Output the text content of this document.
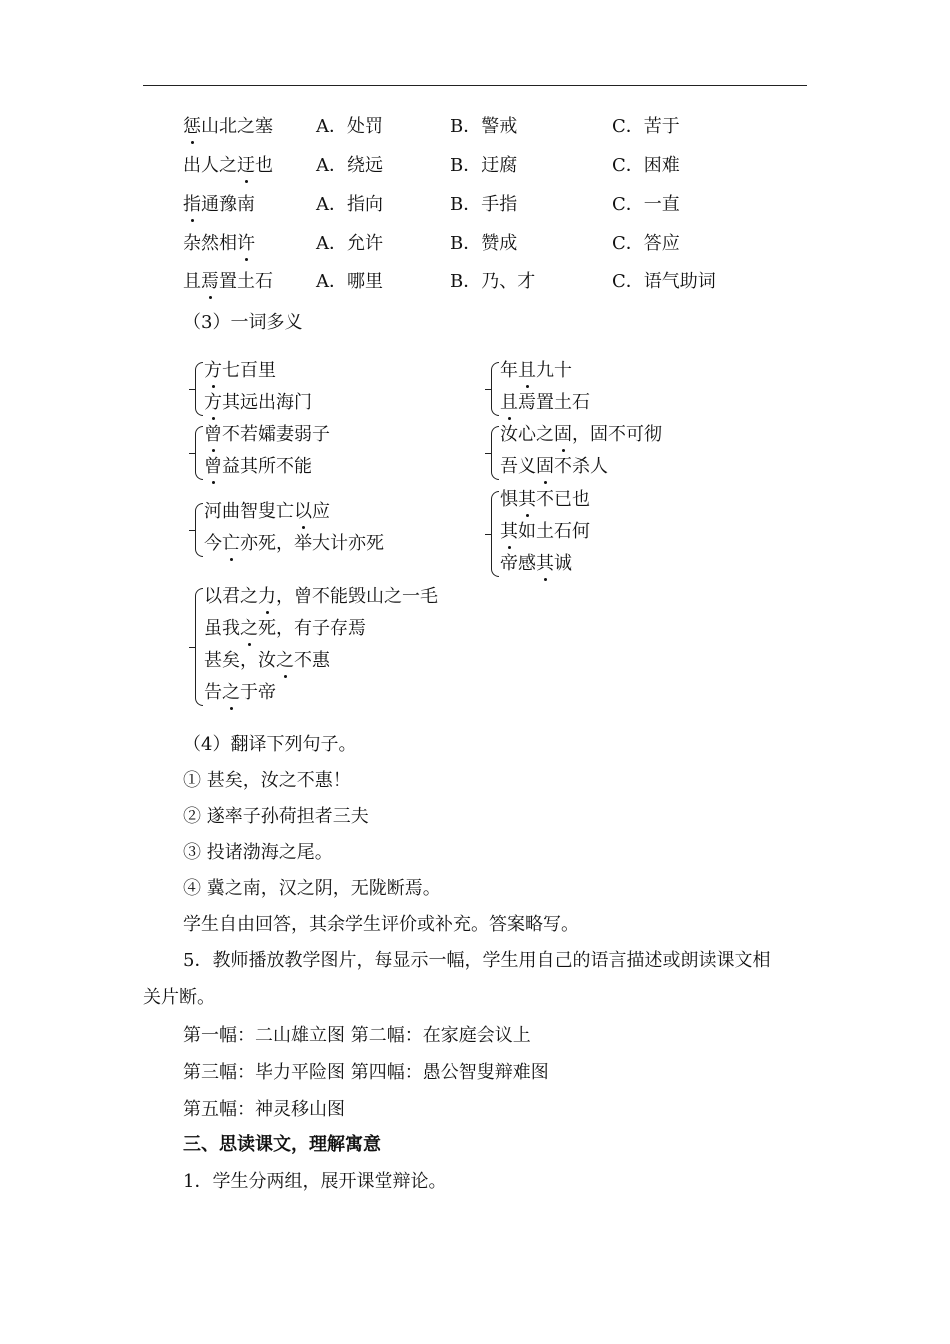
惩山北之塞 A．处罚	B．警戒	C．苦于
出人之迂也 A．绕远	B．迂腐	C．困难
指通豫南	A．指向	B．手指	C．一直
杂然相许	A．允许	B．赞成	C．答应
且焉置土石 A．哪里	B．乃、才	C．语气助词
（3）一词多义
方七百里
方其远出海门
年且九十
且焉置土石
曾不若孀妻弱子
曾益其所不能
汝心之固，固不可彻
吾义固不杀人
河曲智叟亡以应
今亡亦死，举大计亦死
惧其不已也
其如土石何
帝感其诚
以君之力，曾不能毁山之一毛
虽我之死，有子存焉
甚矣，汝之不惠
告之于帝
（4）翻译下列句子。
① 甚矣，汝之不惠！
② 遂率子孙荷担者三夫
③ 投诸渤海之尾。
④ 冀之南，汉之阴，无陇断焉。
学生自由回答，其余学生评价或补充。答案略写。
5．教师播放教学图片，每显示一幅，学生用自己的语言描述或朗读课文相
关片断。
第一幅：二山雄立图 第二幅：在家庭会议上
第三幅：毕力平险图 第四幅：愚公智叟辩难图
第五幅：神灵移山图
三、思读课文，理解寓意
1．学生分两组，展开课堂辩论。
